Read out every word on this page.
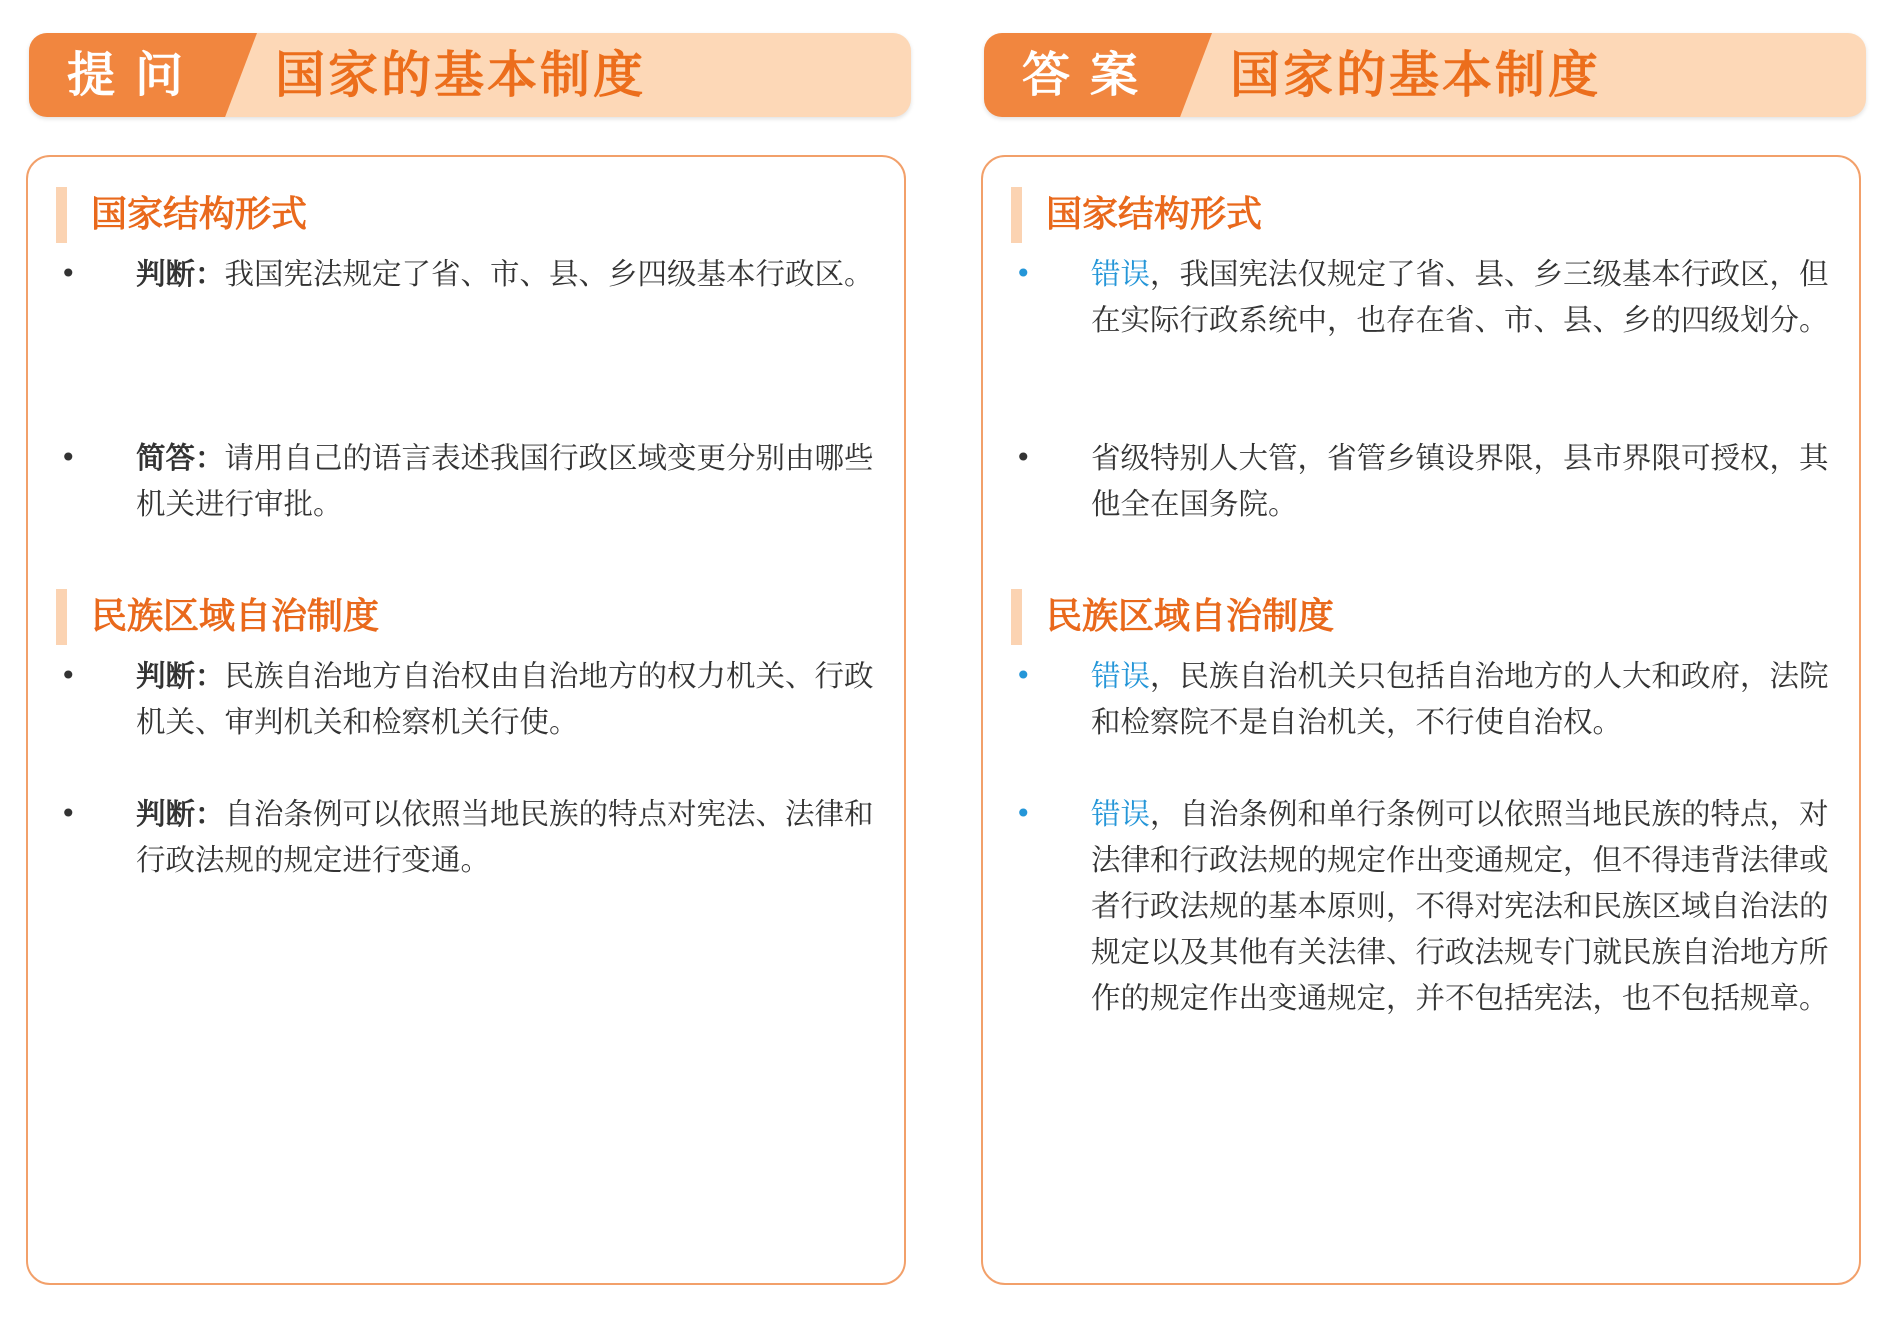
提问 国家的基本制度
国家结构形式
•	判断：我国宪法规定了省、市、县、乡四级基本行政区。
•	简答：请用自己的语言表述我国行政区域变更分别由哪些机关进行审批。
民族区域自治制度
•	判断：民族自治地方自治权由自治地方的权力机关、行政机关、审判机关和检察机关行使。
•	判断：自治条例可以依照当地民族的特点对宪法、法律和行政法规的规定进行变通。
答案 国家的基本制度
国家结构形式
•	错误，我国宪法仅规定了省、县、乡三级基本行政区，但在实际行政系统中，也存在省、市、县、乡的四级划分。
•	省级特别人大管，省管乡镇设界限，县市界限可授权，其他全在国务院。
民族区域自治制度
•	错误，民族自治机关只包括自治地方的人大和政府，法院和检察院不是自治机关，不行使自治权。
•	错误，自治条例和单行条例可以依照当地民族的特点，对法律和行政法规的规定作出变通规定，但不得违背法律或者行政法规的基本原则，不得对宪法和民族区域自治法的规定以及其他有关法律、行政法规专门就民族自治地方所作的规定作出变通规定，并不包括宪法，也不包括规章。
